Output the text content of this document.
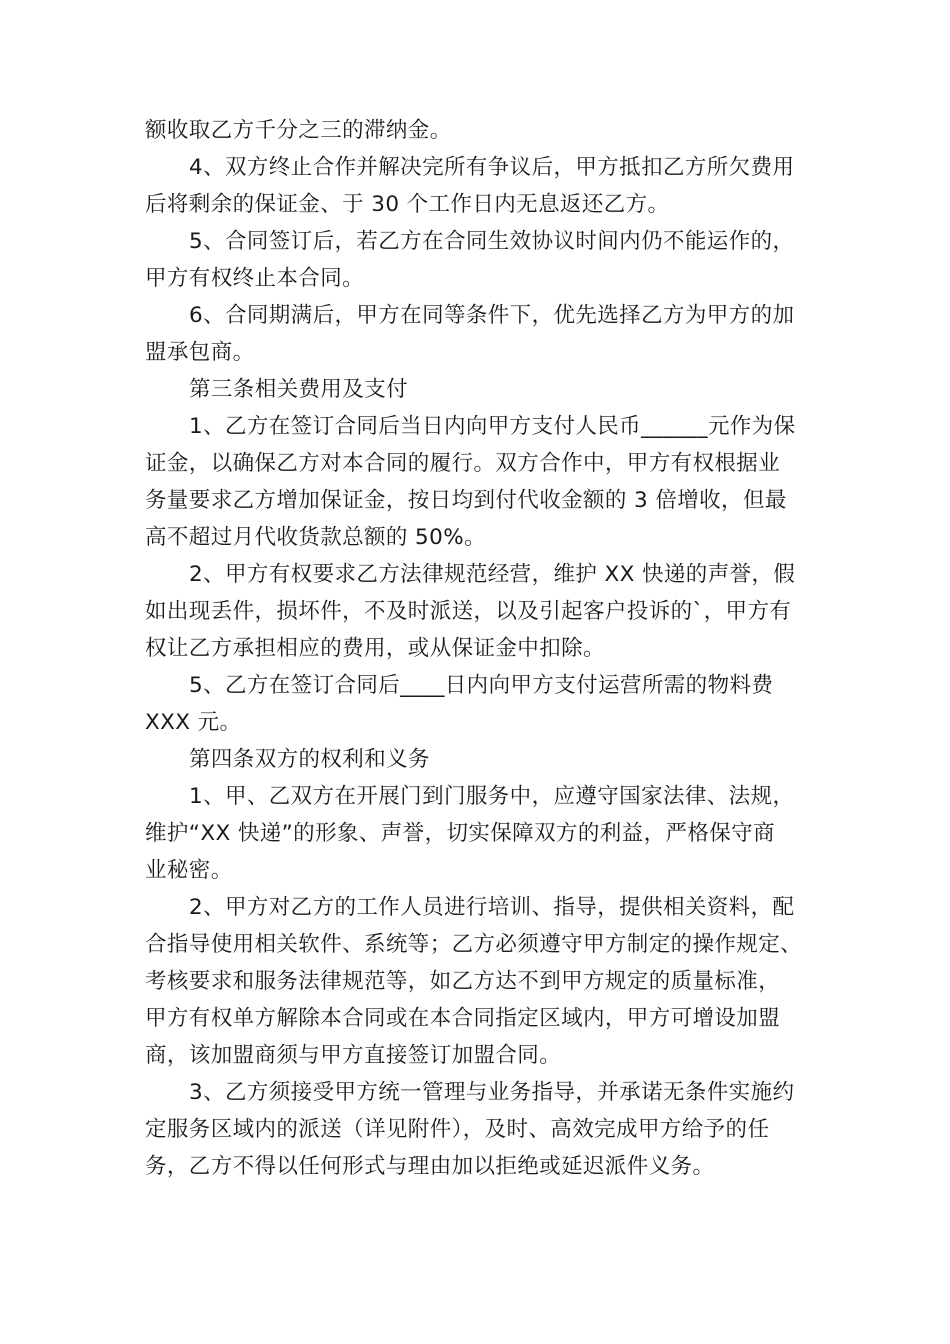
额收取乙方千分之三的滞纳金。
4、双方终止合作并解决完所有争议后，甲方抵扣乙方所欠费用
后将剩余的保证金、于 30 个工作日内无息返还乙方。
5、合同签订后，若乙方在合同生效协议时间内仍不能运作的，
甲方有权终止本合同。
6、合同期满后，甲方在同等条件下，优先选择乙方为甲方的加
盟承包商。
第三条相关费用及支付
1、乙方在签订合同后当日内向甲方支付人民币______元作为保
证金，以确保乙方对本合同的履行。双方合作中，甲方有权根据业
务量要求乙方增加保证金，按日均到付代收金额的 3 倍增收，但最
高不超过月代收货款总额的 50%。
2、甲方有权要求乙方法律规范经营，维护 XX 快递的声誉，假
如出现丢件，损坏件，不及时派送，以及引起客户投诉的`，甲方有
权让乙方承担相应的费用，或从保证金中扣除。
5、乙方在签订合同后____日内向甲方支付运营所需的物料费
XXX 元。
第四条双方的权利和义务
1、甲、乙双方在开展门到门服务中，应遵守国家法律、法规，
维护“XX 快递”的形象、声誉，切实保障双方的利益，严格保守商
业秘密。
2、甲方对乙方的工作人员进行培训、指导，提供相关资料，配
合指导使用相关软件、系统等；乙方必须遵守甲方制定的操作规定、
考核要求和服务法律规范等，如乙方达不到甲方规定的质量标准，
甲方有权单方解除本合同或在本合同指定区域内，甲方可增设加盟
商，该加盟商须与甲方直接签订加盟合同。
3、乙方须接受甲方统一管理与业务指导，并承诺无条件实施约
定服务区域内的派送（详见附件），及时、高效完成甲方给予的任
务，乙方不得以任何形式与理由加以拒绝或延迟派件义务。
